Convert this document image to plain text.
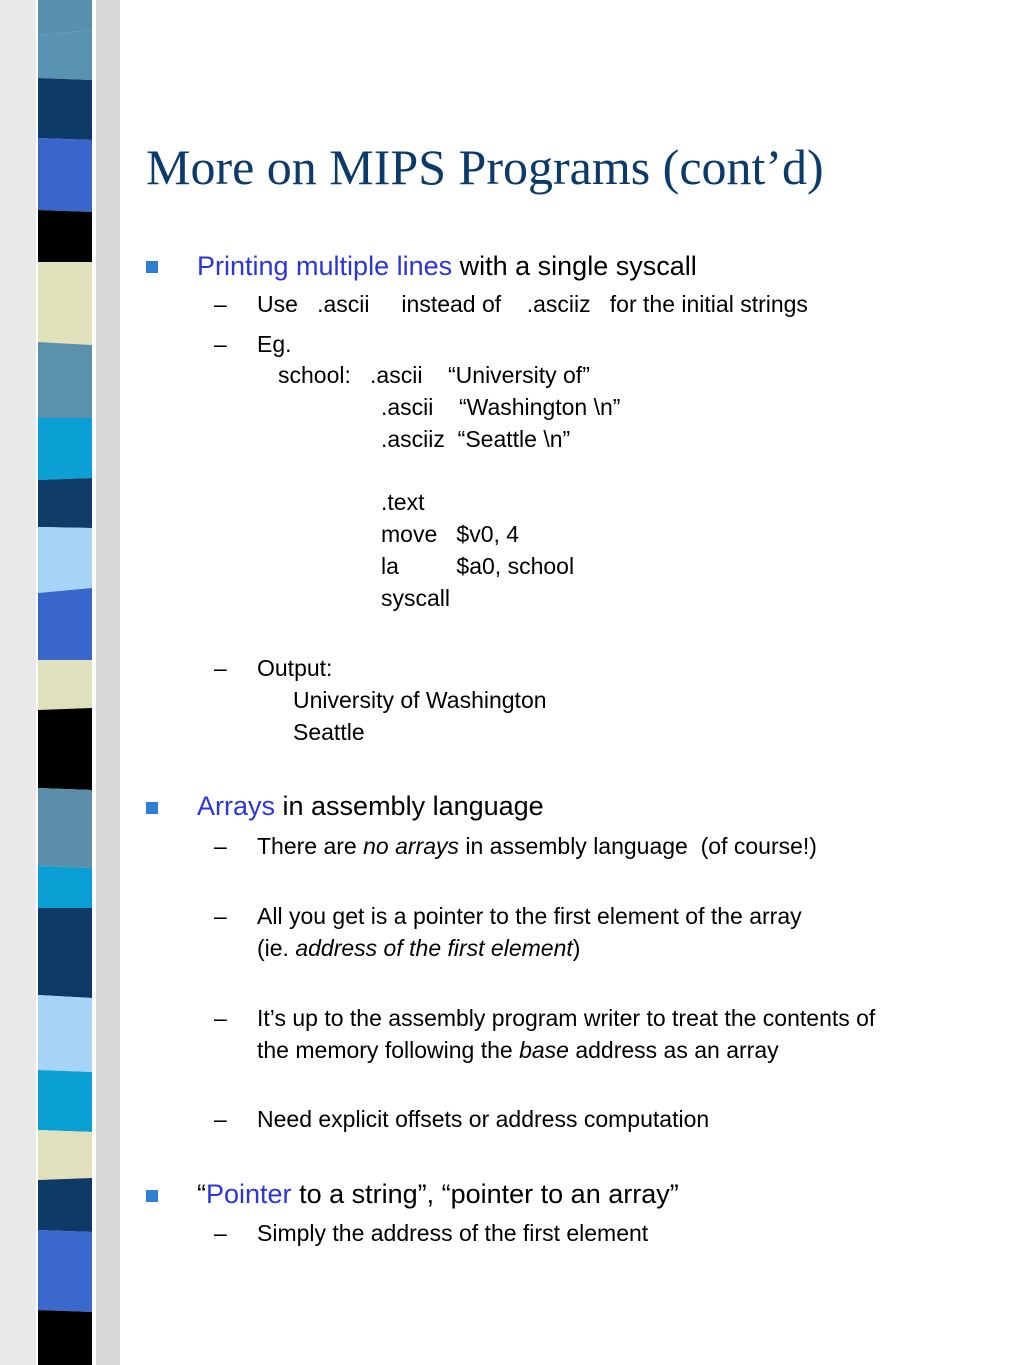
More on MIPS Programs (cont’d)
Printing multiple lines with a single syscall
– Use   .ascii     instead of    .asciiz   for the initial strings
– Eg.
school:   .ascii    “University of”
.ascii    “Washington \n”
.asciiz  “Seattle \n”
.text
move   $v0, 4
la         $a0, school
syscall
– Output:
University of Washington
Seattle
Arrays in assembly language
– There are no arrays in assembly language  (of course!)
– All you get is a pointer to the first element of the array
(ie. address of the first element)
– It’s up to the assembly program writer to treat the contents of
the memory following the base address as an array
– Need explicit offsets or address computation
“Pointer to a string”, “pointer to an array”
– Simply the address of the first element
